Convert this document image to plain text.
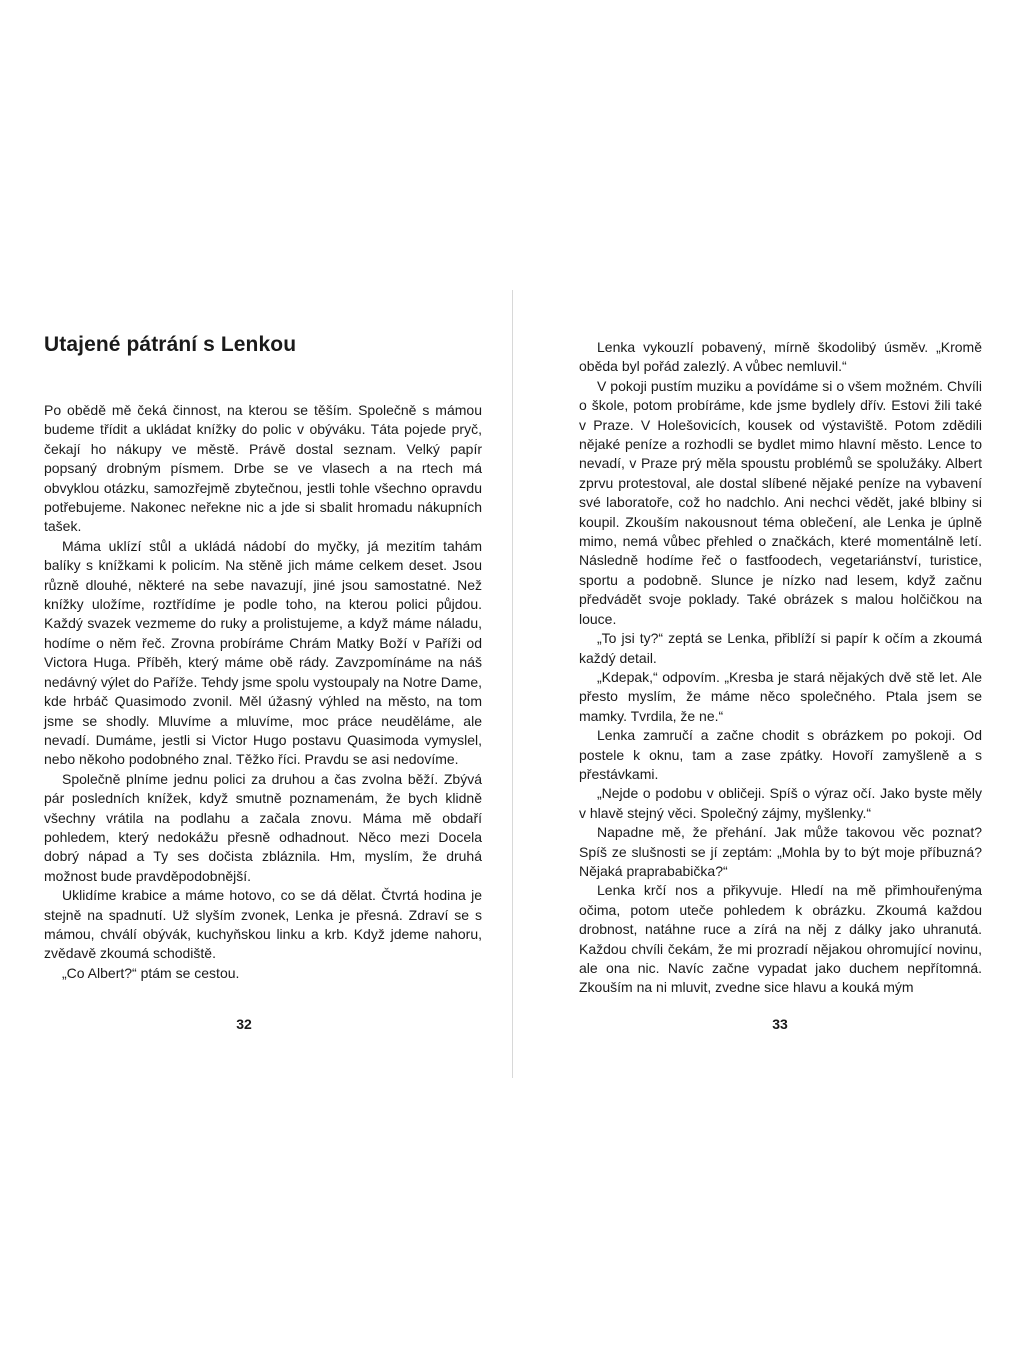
Utajené pátrání s Lenkou

Po obědě mě čeká činnost, na kterou se těším. Společně s mámou budeme třídit a ukládat knížky do polic v obýváku. Táta pojede pryč, čekají ho nákupy ve městě. Právě dostal seznam. Velký papír popsaný drobným písmem. Drbe se ve vlasech a na rtech má obvyklou otázku, samozřejmě zbytečnou, jestli tohle všechno opravdu potřebujeme. Nakonec neřekne nic a jde si sbalit hromadu nákupních tašek.

Máma uklízí stůl a ukládá nádobí do myčky, já mezitím tahám balíky s knížkami k policím. Na stěně jich máme celkem deset. Jsou různě dlouhé, některé na sebe navazují, jiné jsou samostatné. Než knížky uložíme, roztřídíme je podle toho, na kterou polici půjdou. Každý svazek vezmeme do ruky a prolistujeme, a když máme náladu, hodíme o něm řeč. Zrovna probíráme Chrám Matky Boží v Paříži od Victora Huga. Příběh, který máme obě rády. Zavzpomínáme na náš nedávný výlet do Paříže. Tehdy jsme spolu vystoupaly na Notre Dame, kde hrbáč Quasimodo zvonil. Měl úžasný výhled na město, na tom jsme se shodly. Mluvíme a mluvíme, moc práce neuděláme, ale nevadí. Dumáme, jestli si Victor Hugo postavu Quasimoda vymyslel, nebo někoho podobného znal. Těžko říci. Pravdu se asi nedovíme.

Společně plníme jednu polici za druhou a čas zvolna běží. Zbývá pár posledních knížek, když smutně poznamenám, že bych klidně všechny vrátila na podlahu a začala znovu. Máma mě obdaří pohledem, který nedokážu přesně odhadnout. Něco mezi Docela dobrý nápad a Ty ses dočista zbláznila. Hm, myslím, že druhá možnost bude pravděpodobnější.

Uklidíme krabice a máme hotovo, co se dá dělat. Čtvrtá hodina je stejně na spadnutí. Už slyším zvonek, Lenka je přesná. Zdraví se s mámou, chválí obývák, kuchyňskou linku a krb. Když jdeme nahoru, zvědavě zkoumá schodiště.

„Co Albert?“ ptám se cestou.

Lenka vykouzlí pobavený, mírně škodolibý úsměv. „Kromě oběda byl pořád zalezlý. A vůbec nemluvil.“

V pokoji pustím muziku a povídáme si o všem možném. Chvíli o škole, potom probíráme, kde jsme bydlely dřív. Estovi žili také v Praze. V Holešovicích, kousek od výstaviště. Potom zdědili nějaké peníze a rozhodli se bydlet mimo hlavní město. Lence to nevadí, v Praze prý měla spoustu problémů se spolužáky. Albert zprvu protestoval, ale dostal slíbené nějaké peníze na vybavení své laboratoře, což ho nadchlo. Ani nechci vědět, jaké blbiny si koupil. Zkouším nakousnout téma oblečení, ale Lenka je úplně mimo, nemá vůbec přehled o značkách, které momentálně letí. Následně hodíme řeč o fastfoodech, vegetariánství, turistice, sportu a podobně. Slunce je nízko nad lesem, když začnu předvádět svoje poklady. Také obrázek s malou holčičkou na louce.

„To jsi ty?“ zeptá se Lenka, přiblíží si papír k očím a zkoumá každý detail.

„Kdepak,“ odpovím. „Kresba je stará nějakých dvě stě let. Ale přesto myslím, že máme něco společného. Ptala jsem se mamky. Tvrdila, že ne.“

Lenka zamručí a začne chodit s obrázkem po pokoji. Od postele k oknu, tam a zase zpátky. Hovoří zamyšleně a s přestávkami.

„Nejde o podobu v obličeji. Spíš o výraz očí. Jako byste měly v hlavě stejný věci. Společný zájmy, myšlenky.“

Napadne mě, že přehání. Jak může takovou věc poznat? Spíš ze slušnosti se jí zeptám: „Mohla by to být moje příbuzná? Nějaká praprababička?“

Lenka krčí nos a přikyvuje. Hledí na mě přimhouřenýma očima, potom uteče pohledem k obrázku. Zkoumá každou drobnost, natáhne ruce a zírá na něj z dálky jako uhranutá. Každou chvíli čekám, že mi prozradí nějakou ohromující novinu, ale ona nic. Navíc začne vypadat jako duchem nepřítomná. Zkouším na ni mluvit, zvedne sice hlavu a kouká mým

32	33
